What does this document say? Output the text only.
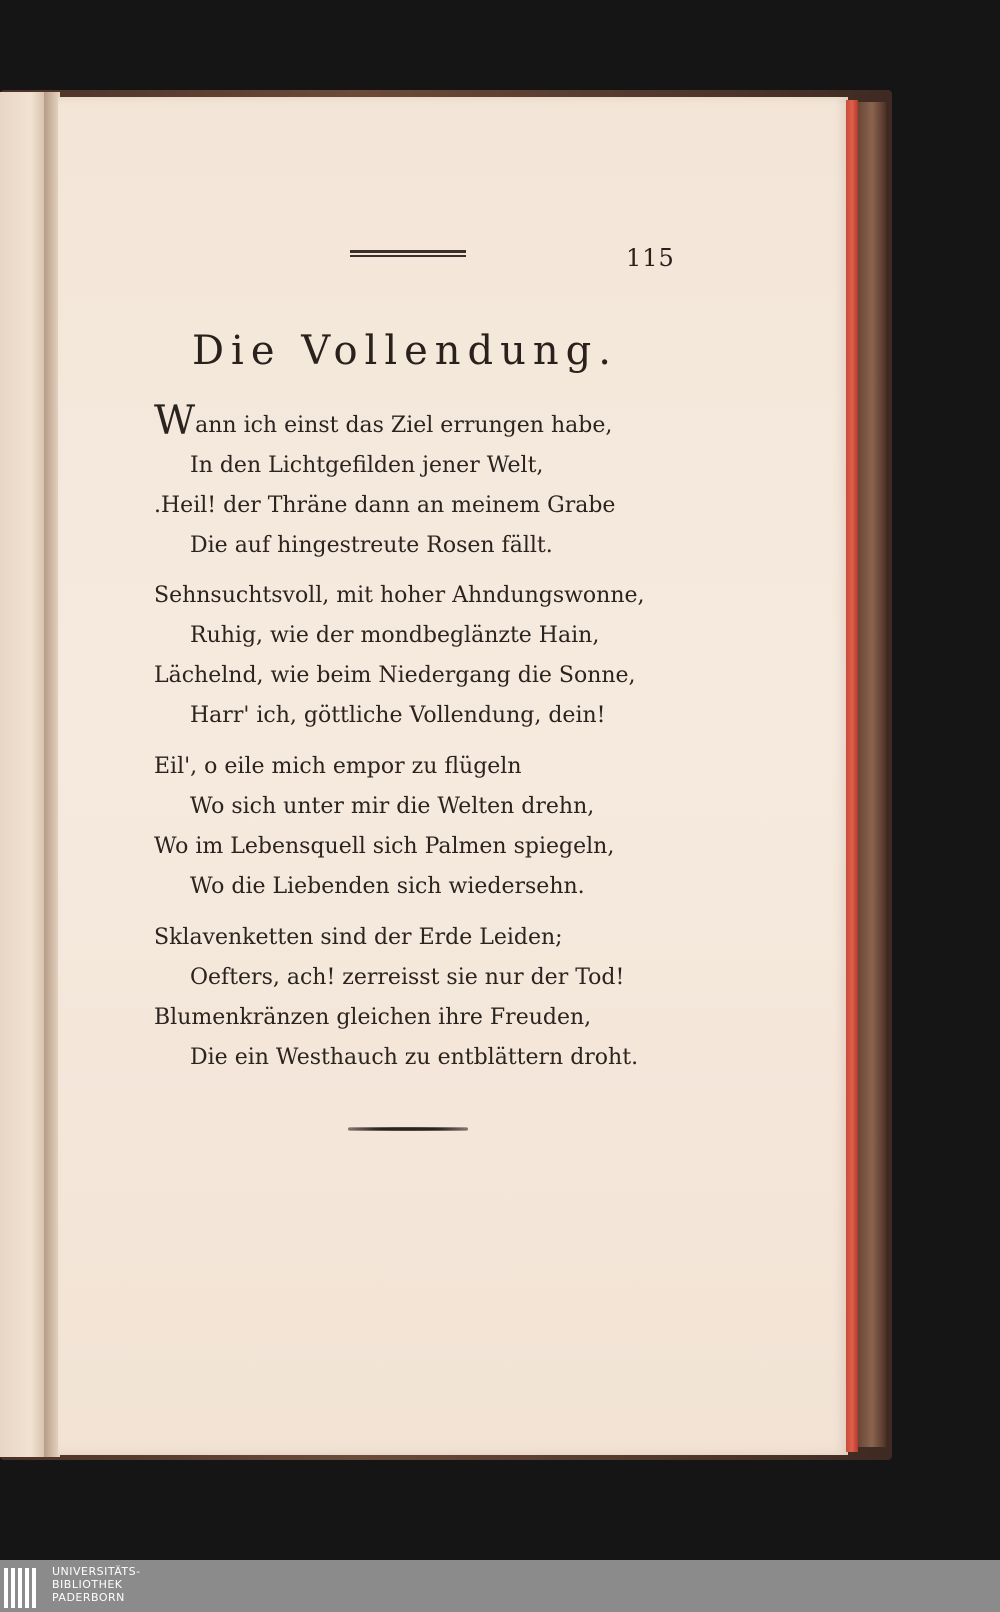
115
Die Vollendung.
Wann ich einst das Ziel errungen habe,
In den Lichtgefilden jener Welt,
.Heil! der Thräne dann an meinem Grabe
Die auf hingestreute Rosen fällt.
Sehnsuchtsvoll, mit hoher Ahndungswonne,
Ruhig, wie der mondbeglänzte Hain,
Lächelnd, wie beim Niedergang die Sonne,
Harr' ich, göttliche Vollendung, dein!
Eil', o eile mich empor zu flügeln
Wo sich unter mir die Welten drehn,
Wo im Lebensquell sich Palmen spiegeln,
Wo die Liebenden sich wiedersehn.
Sklavenketten sind der Erde Leiden;
Oefters, ach! zerreisst sie nur der Tod!
Blumenkränzen gleichen ihre Freuden,
Die ein Westhauch zu entblättern droht.
UNIVERSITÄTS-
BIBLIOTHEK
PADERBORN
